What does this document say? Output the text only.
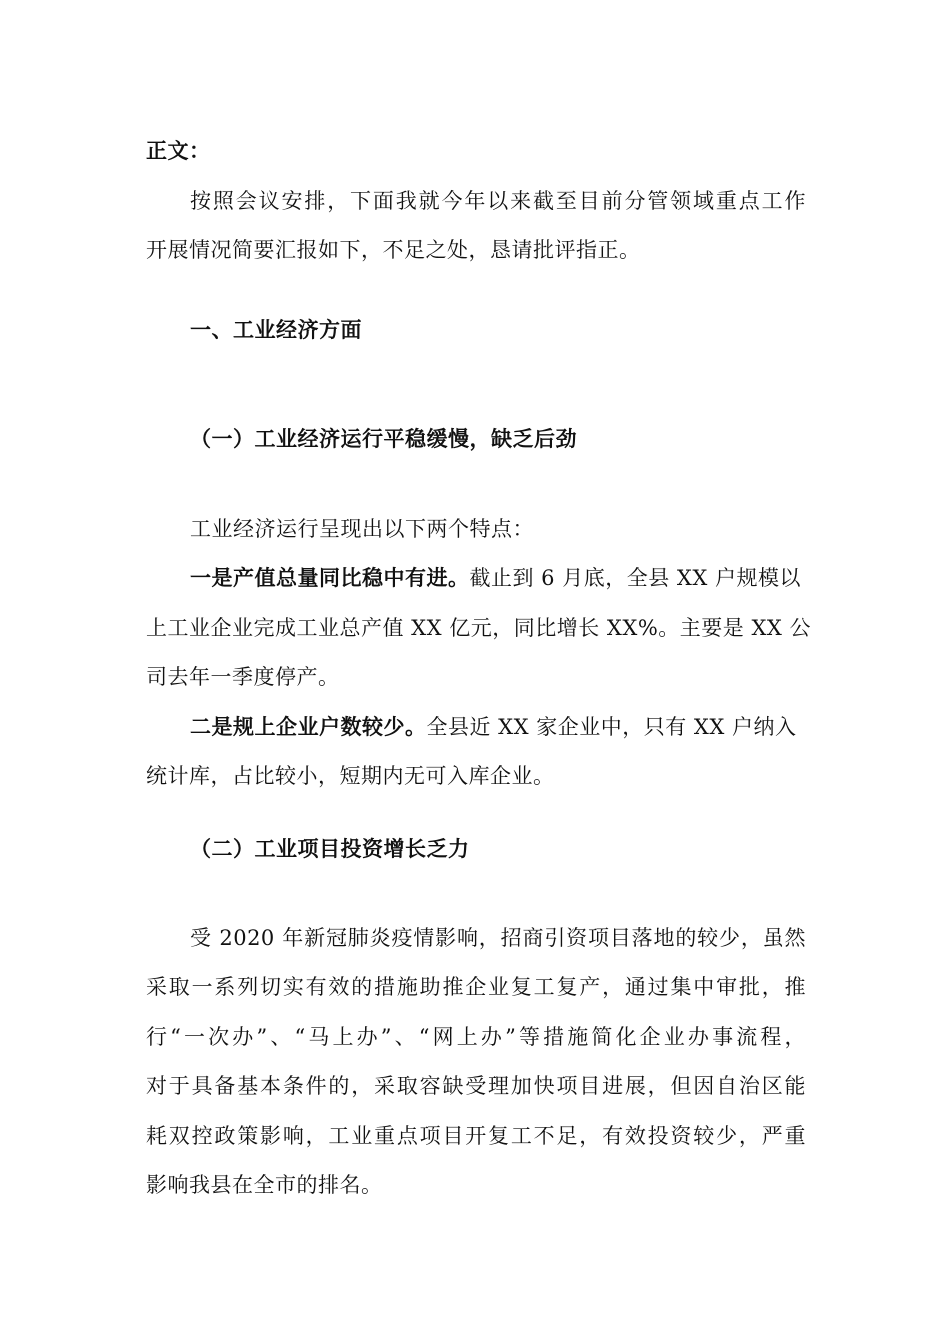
正文：
按照会议安排，下面我就今年以来截至目前分管领域重点工作
开展情况简要汇报如下，不足之处，恳请批评指正。
一、工业经济方面
（一）工业经济运行平稳缓慢，缺乏后劲
工业经济运行呈现出以下两个特点：
一是产值总量同比稳中有进。截止到 6 月底，全县 XX 户规模以
上工业企业完成工业总产值 XX 亿元，同比增长 XX%。主要是 XX 公
司去年一季度停产。
二是规上企业户数较少。全县近 XX 家企业中，只有 XX 户纳入
统计库，占比较小，短期内无可入库企业。
（二）工业项目投资增长乏力
受 2020 年新冠肺炎疫情影响，招商引资项目落地的较少，虽然
采取一系列切实有效的措施助推企业复工复产，通过集中审批，推
行“一次办”、“马上办”、“网上办”等措施简化企业办事流程，
对于具备基本条件的，采取容缺受理加快项目进展，但因自治区能
耗双控政策影响，工业重点项目开复工不足，有效投资较少，严重
影响我县在全市的排名。
